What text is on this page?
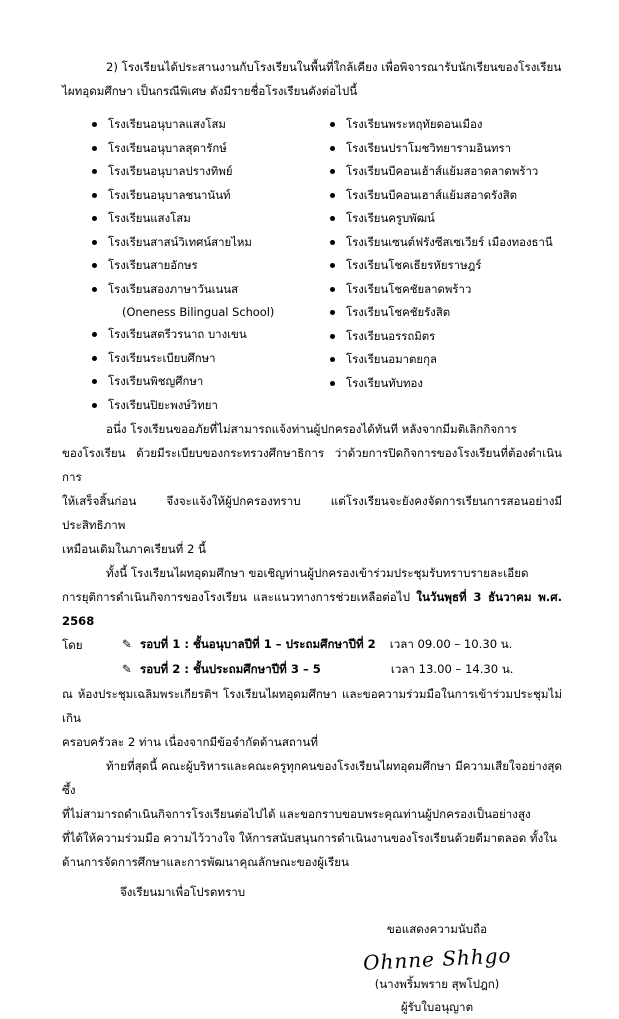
2) โรงเรียนได้ประสานงานกับโรงเรียนในพื้นที่ใกล้เคียง เพื่อพิจารณารับนักเรียนของโรงเรียน
ไผทอุดมศึกษา เป็นกรณีพิเศษ ดังมีรายชื่อโรงเรียนดังต่อไปนี้

โรงเรียนอนุบาลแสงโสม
โรงเรียนอนุบาลสุดารักษ์
โรงเรียนอนุบาลปรางทิพย์
โรงเรียนอนุบาลชนานันท์
โรงเรียนแสงโสม
โรงเรียนสาสน์วิเทศน์สายไหม
โรงเรียนสายอักษร
โรงเรียนสองภาษาวันเนนส
(Oneness Bilingual School)
โรงเรียนสตรีวรนาถ บางเขน
โรงเรียนระเบียบศึกษา
โรงเรียนพิชญศึกษา
โรงเรียนปิยะพงษ์วิทยา
โรงเรียนพระหฤทัยดอนเมือง
โรงเรียนปราโมชวิทยารามอินทรา
โรงเรียนบีคอนเฮ้าส์แย้มสอาดลาดพร้าว
โรงเรียนบีคอนเฮาส์แย้มสอาดรังสิต
โรงเรียนครูบพัฒน์
โรงเรียนเซนต์ฟรังซีสเซเวียร์ เมืองทองธานี
โรงเรียนโชคเธียรหัยราษฎร์
โรงเรียนโชคชัยลาดพร้าว
โรงเรียนโชคชัยรังสิต
โรงเรียนอรรถมิตร
โรงเรียนอมาตยกุล
โรงเรียนทับทอง

อนึ่ง โรงเรียนขออภัยที่ไม่สามารถแจ้งท่านผู้ปกครองได้ทันที หลังจากมีมติเลิกกิจการ
ของโรงเรียน ด้วยมีระเบียบของกระทรวงศึกษาธิการ ว่าด้วยการปิดกิจการของโรงเรียนที่ต้องดำเนินการ
ให้เสร็จสิ้นก่อน จึงจะแจ้งให้ผู้ปกครองทราบ แต่โรงเรียนจะยังคงจัดการเรียนการสอนอย่างมีประสิทธิภาพ
เหมือนเดิมในภาคเรียนที่ 2 นี้

ทั้งนี้ โรงเรียนไผทอุดมศึกษา ขอเชิญท่านผู้ปกครองเข้าร่วมประชุมรับทราบรายละเอียด
การยุติการดำเนินกิจการของโรงเรียน และแนวทางการช่วยเหลือต่อไป ในวันพุธที่ 3 ธันวาคม พ.ศ. 2568
โดย	✎ รอบที่ 1 : ชั้นอนุบาลปีที่ 1 – ประถมศึกษาปีที่ 2 เวลา 09.00 – 10.30 น.
✎ รอบที่ 2 : ชั้นประถมศึกษาปีที่ 3 – 5	เวลา 13.00 – 14.30 น.

ณ ห้องประชุมเฉลิมพระเกียรติฯ โรงเรียนไผทอุดมศึกษา และขอความร่วมมือในการเข้าร่วมประชุมไม่เกิน
ครอบครัวละ 2 ท่าน เนื่องจากมีข้อจำกัดด้านสถานที่

ท้ายที่สุดนี้ คณะผู้บริหารและคณะครูทุกคนของโรงเรียนไผทอุดมศึกษา มีความเสียใจอย่างสุดซึ้ง
ที่ไม่สามารถดำเนินกิจการโรงเรียนต่อไปได้ และขอกราบขอบพระคุณท่านผู้ปกครองเป็นอย่างสูง
ที่ได้ให้ความร่วมมือ ความไว้วางใจ ให้การสนับสนุนการดำเนินงานของโรงเรียนด้วยดีมาตลอด ทั้งใน
ด้านการจัดการศึกษาและการพัฒนาคุณลักษณะของผู้เรียน

จึงเรียนมาเพื่อโปรดทราบ
ขอแสดงความนับถือ
Ohnne Shhgo
(นางพริ้มพราย สุพโปฎก)
ผู้รับใบอนุญาต
